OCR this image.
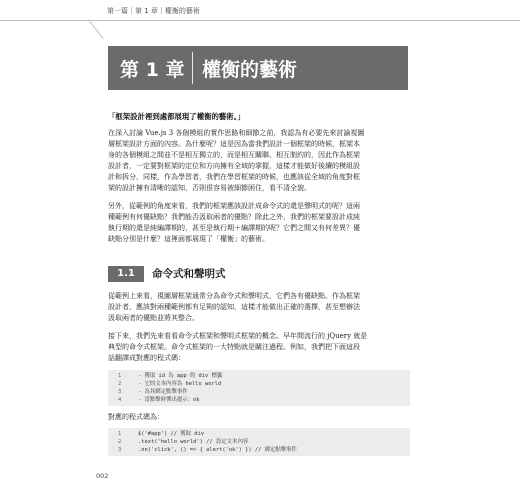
第一篇｜第 1 章｜權衡的藝術
第 1 章 權衡的藝術
「框架設計裡到處都展現了權衡的藝術。」
在深入討論 Vue.js 3 各個模組的實作思路和細節之前，我認為有必要先來討論視圖
層框架設計方面的內容。為什麼呢？這是因為當我們設計一個框架的時候，框架本
身的各個模組之間並不是相互獨立的，而是相互關聯、相互制約的，因此作為框架
設計者，一定要對框架的定位和方向擁有全域的掌握，這樣才能做好後續的模組設
計和拆分，同樣，作為學習者，我們在學習框架的時候，也應該從全域的角度對框
架的設計擁有清晰的認知，否則很容易被細節困住，看不清全貌。
另外，從範例的角度來看，我們的框架應該設計成命令式的還是聲明式的呢？這兩
種範例有何優缺點？我們能否汲取兩者的優點？除此之外，我們的框架要設計成純
執行期的還是純編譯期的，甚至是執行期＋編譯期的呢？它們之間又有何差異？優
缺點分別是什麼？這裡面都展現了「權衡」的藝術。
1.1	命令式和聲明式
從範例上來看，視圖層框架通常分為命令式和聲明式，它們各有優缺點。作為框架
設計者，應該對兩種範例都有足夠的認知，這樣才能做出正確的選擇，甚至想辦法
汲取兩者的優點並將其整合。
接下來，我們先來看看命令式框架和聲明式框架的概念。早年間流行的 jQuery 就是
典型的命令式框架。命令式框架的一大特點就是關注過程。例如，我們把下面這段
話翻譯成對應的程式碼：
1	- 獲取 id 為 app 的 div 標籤
2	- 它的文本內容為 hello world
3	- 為其綁定點擊事件
4	- 當點擊時彈出提示：ok
對應的程式碼為：
1	$('#app') // 獲取 div
2	.text('hello world') // 設定文本內容
3	.on('click', () => { alert('ok') }) // 綁定點擊事件
002
